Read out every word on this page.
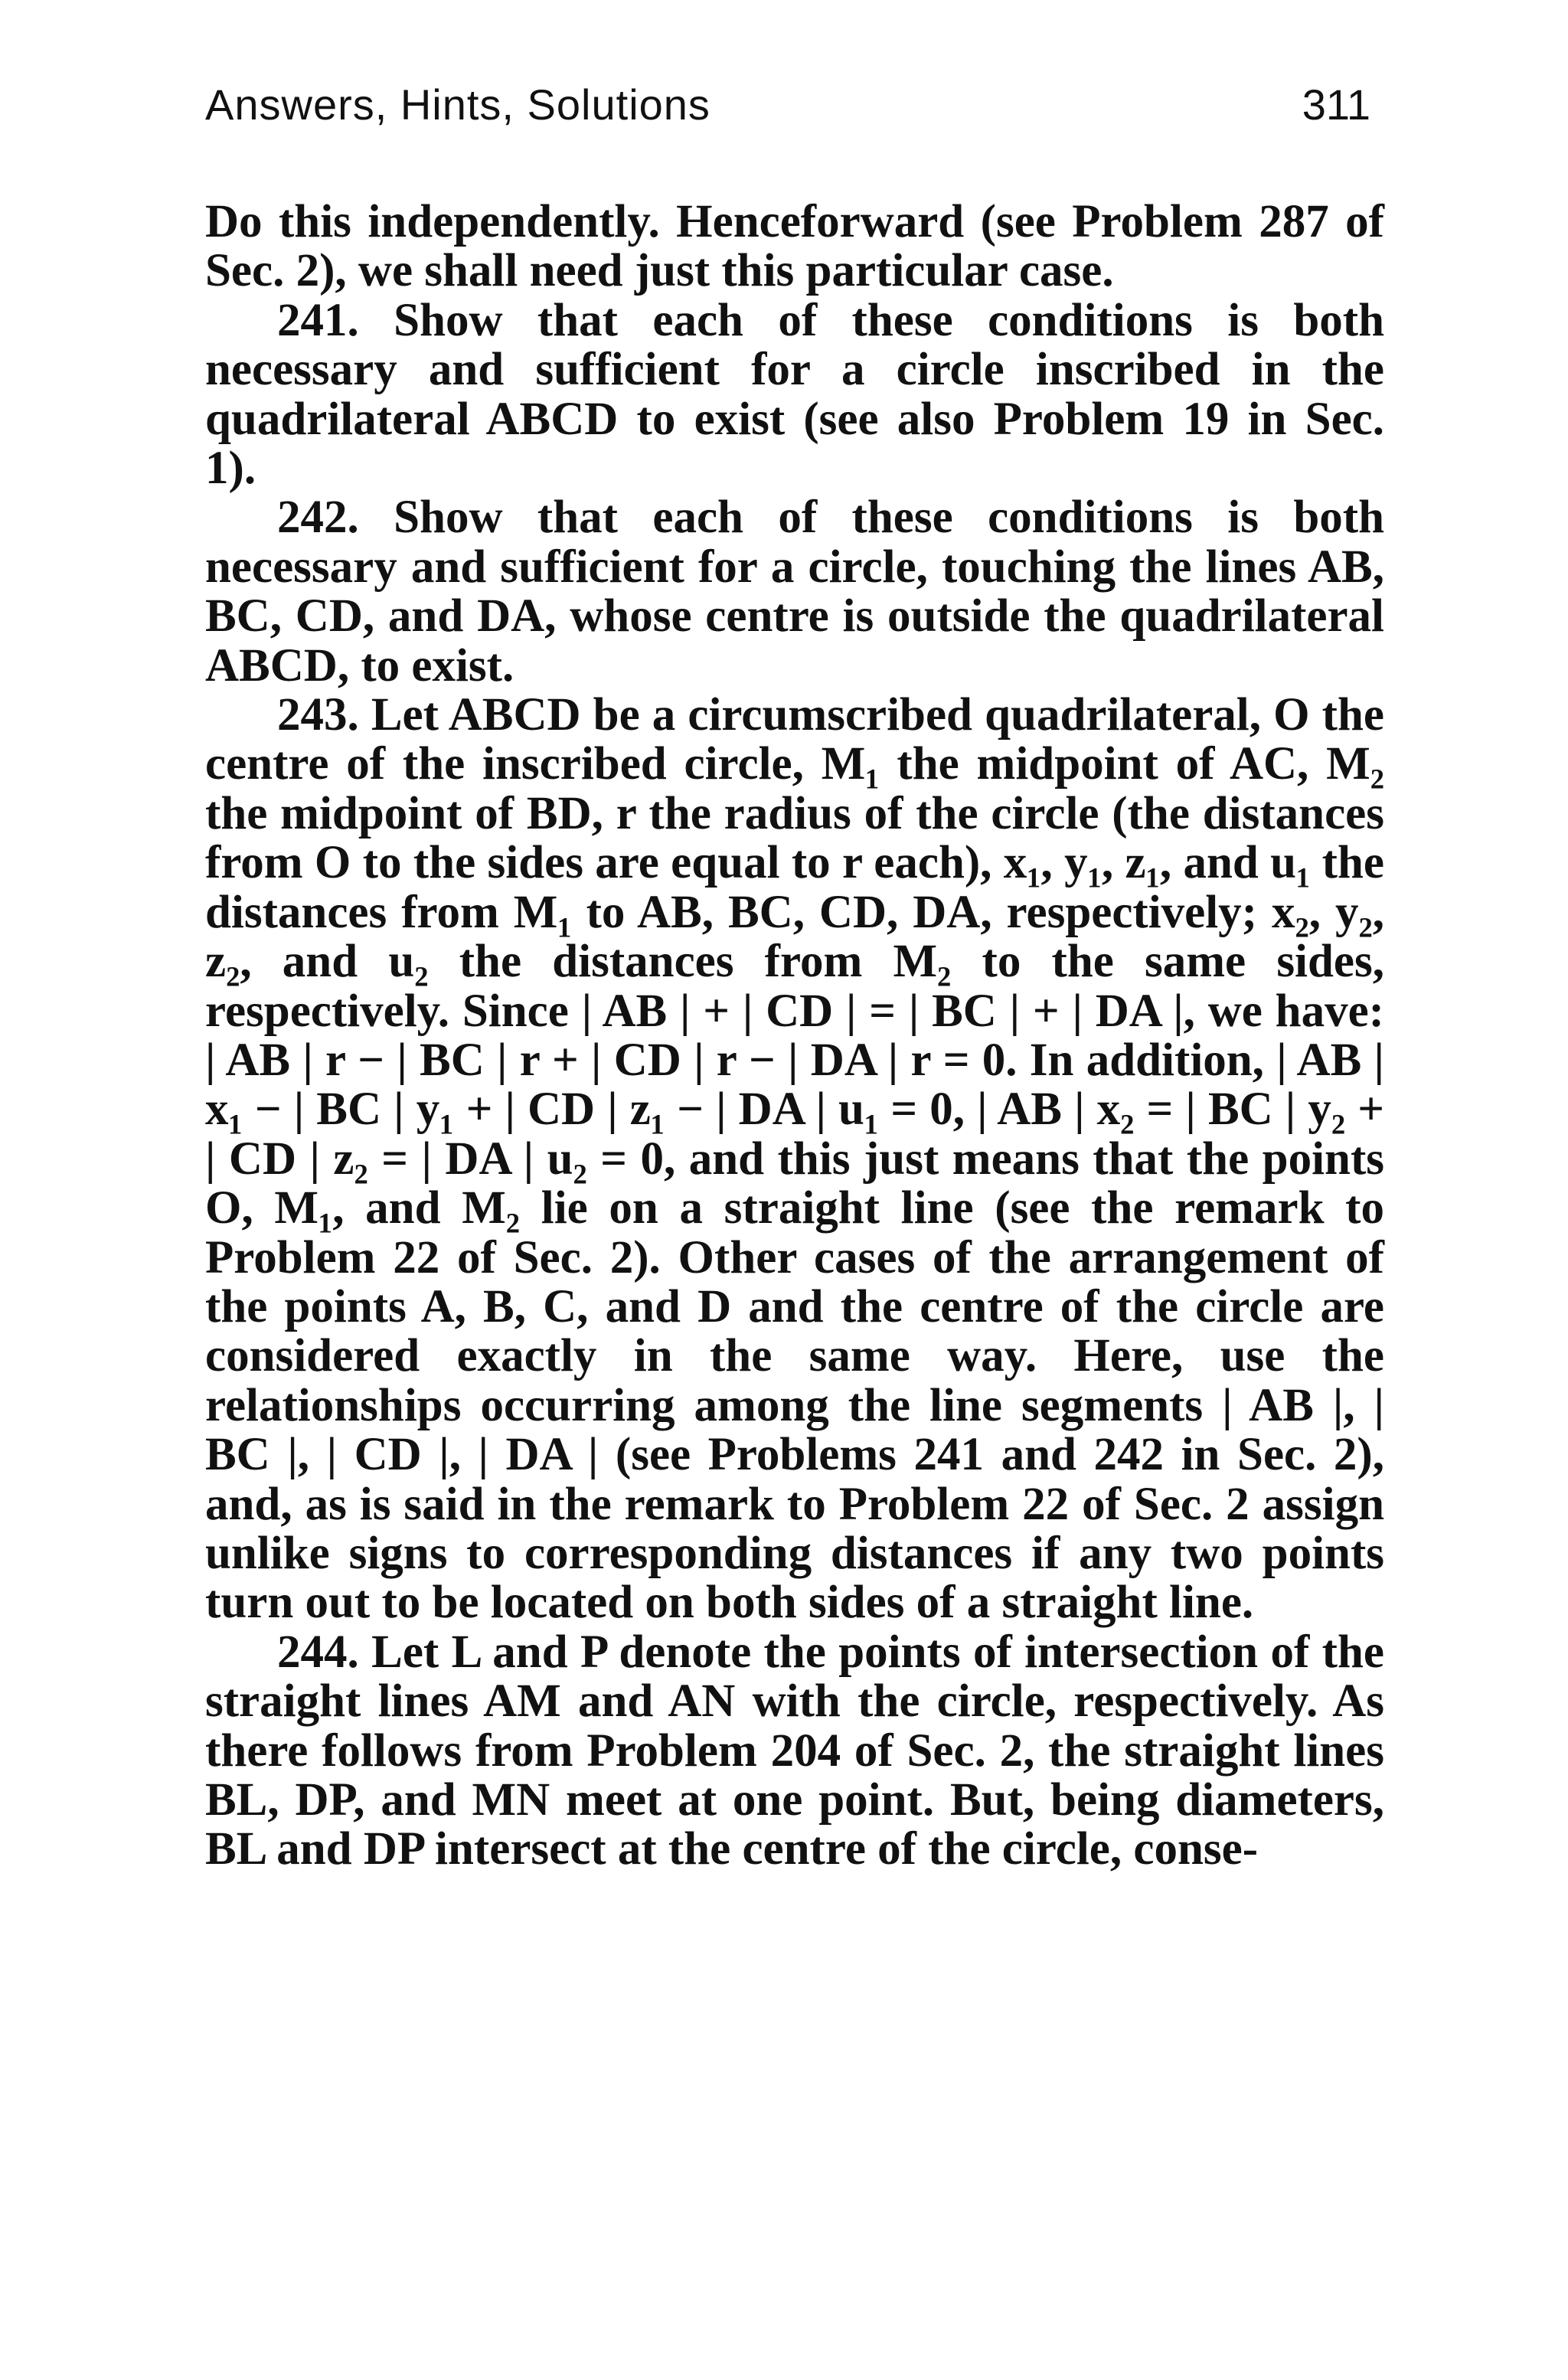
Answers, Hints, Solutions	311

Do this independently. Henceforward (see Problem 287 of Sec. 2), we shall need just this particular case.

241. Show that each of these conditions is both necessary and sufficient for a circle inscribed in the quadrilateral ABCD to exist (see also Problem 19 in Sec. 1).

242. Show that each of these conditions is both necessary and sufficient for a circle, touching the lines AB, BC, CD, and DA, whose centre is outside the quadrilateral ABCD, to exist.

243. Let ABCD be a circumscribed quadrilateral, O the centre of the inscribed circle, M₁ the midpoint of AC, M₂ the midpoint of BD, r the radius of the circle (the distances from O to the sides are equal to r each), x₁, y₁, z₁, and u₁ the distances from M₁ to AB, BC, CD, DA, respectively; x₂, y₂, z₂, and u₂ the distances from M₂ to the same sides, respectively. Since | AB | + | CD | = | BC | + | DA |, we have: | AB | r − | BC | r + | CD | r − | DA | r = 0. In addition, | AB | x₁ − | BC | y₁ + | CD | z₁ − | DA | u₁ = 0, | AB | x₂ = | BC | y₂ + | CD | z₂ = | DA | u₂ = 0, and this just means that the points O, M₁, and M₂ lie on a straight line (see the remark to Problem 22 of Sec. 2). Other cases of the arrangement of the points A, B, C, and D and the centre of the circle are considered exactly in the same way. Here, use the relationships occurring among the line segments | AB |, | BC |, | CD |, | DA | (see Problems 241 and 242 in Sec. 2), and, as is said in the remark to Problem 22 of Sec. 2 assign unlike signs to corresponding distances if any two points turn out to be located on both sides of a straight line.

244. Let L and P denote the points of intersection of the straight lines AM and AN with the circle, respectively. As there follows from Problem 204 of Sec. 2, the straight lines BL, DP, and MN meet at one point. But, being diameters, BL and DP intersect at the centre of the circle, conse-
